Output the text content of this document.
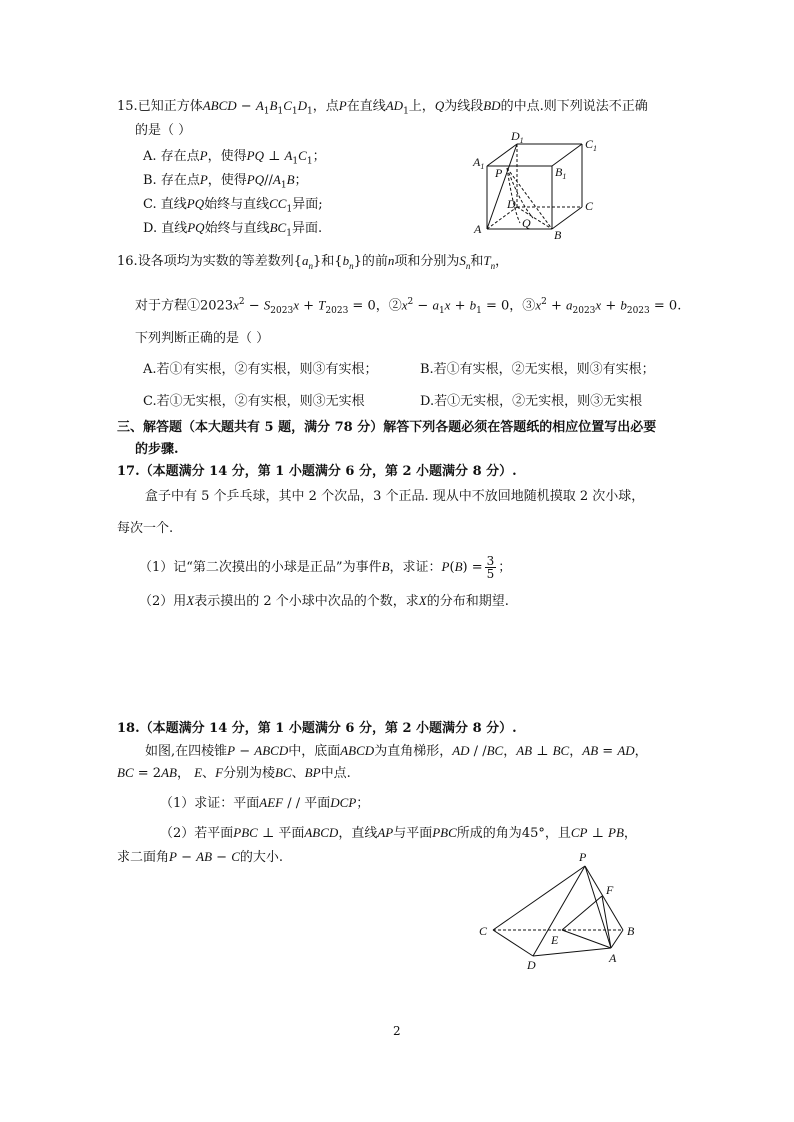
15.已知正方体ABCD − $A_1B_1C_1D_1$，点P在直线$AD_1$上，Q为线段BD的中点.则下列说法不正确
的是（ ）
A. 存在点P，使得PQ ⊥ $A_1C_1$；
B. 存在点P，使得$PQ//A_1B$；
C. 直线PQ始终与直线$CC_1$异面;
D. 直线PQ始终与直线$BC_1$异面.
$D_1$	$C_1$
$A_1$	$B_1$
P
D	C
Q
A	B
16.设各项均为实数的等差数列$\{a_n\}$和$\{b_n\}$的前n项和分别为$S_n$和$T_n$，
对于方程$①2023x^2 - S_{2023}x + T_{2023} = 0$，$②x^2 - a_1x + b_1 = 0$，$③x^2 + a_{2023}x + b_{2023} = 0$.
下列判断正确的是（ ）
A.若①有实根，②有实根，则③有实根；	B.若①有实根，②无实根，则③有实根；
C.若①无实根，②有实根，则③无实根	D.若①无实根，②无实根，则③无实根
三、解答题（本大题共有 5 题，满分 78 分）解答下列各题必须在答题纸的相应位置写出必要
的步骤.
17.（本题满分 14 分，第 1 小题满分 6 分，第 2 小题满分 8 分）.
盒子中有 5 个乒乓球，其中 2 个次品，3 个正品. 现从中不放回地随机摸取 2 次小球，
每次一个.
（1）记“第二次摸出的小球是正品”为事件B，求证：$P(B) = \frac{3}{5}$ ；
（2）用X表示摸出的 2 个小球中次品的个数，求X的分布和期望.
18.（本题满分 14 分，第 1 小题满分 6 分，第 2 小题满分 8 分）.
如图,在四棱锥P − ABCD中，底面ABCD为直角梯形，AD / /BC，AB ⊥ BC，AB = AD，
BC = 2AB， E、F分别为棱BC、BP中点.
（1）求证：平面AEF / / 平面DCP；
（2）若平面PBC ⊥ 平面ABCD，直线AP与平面PBC所成的角为45°，且CP ⊥ PB，
求二面角P − AB − C的大小.	P
F
C
E
B
D	A
2
